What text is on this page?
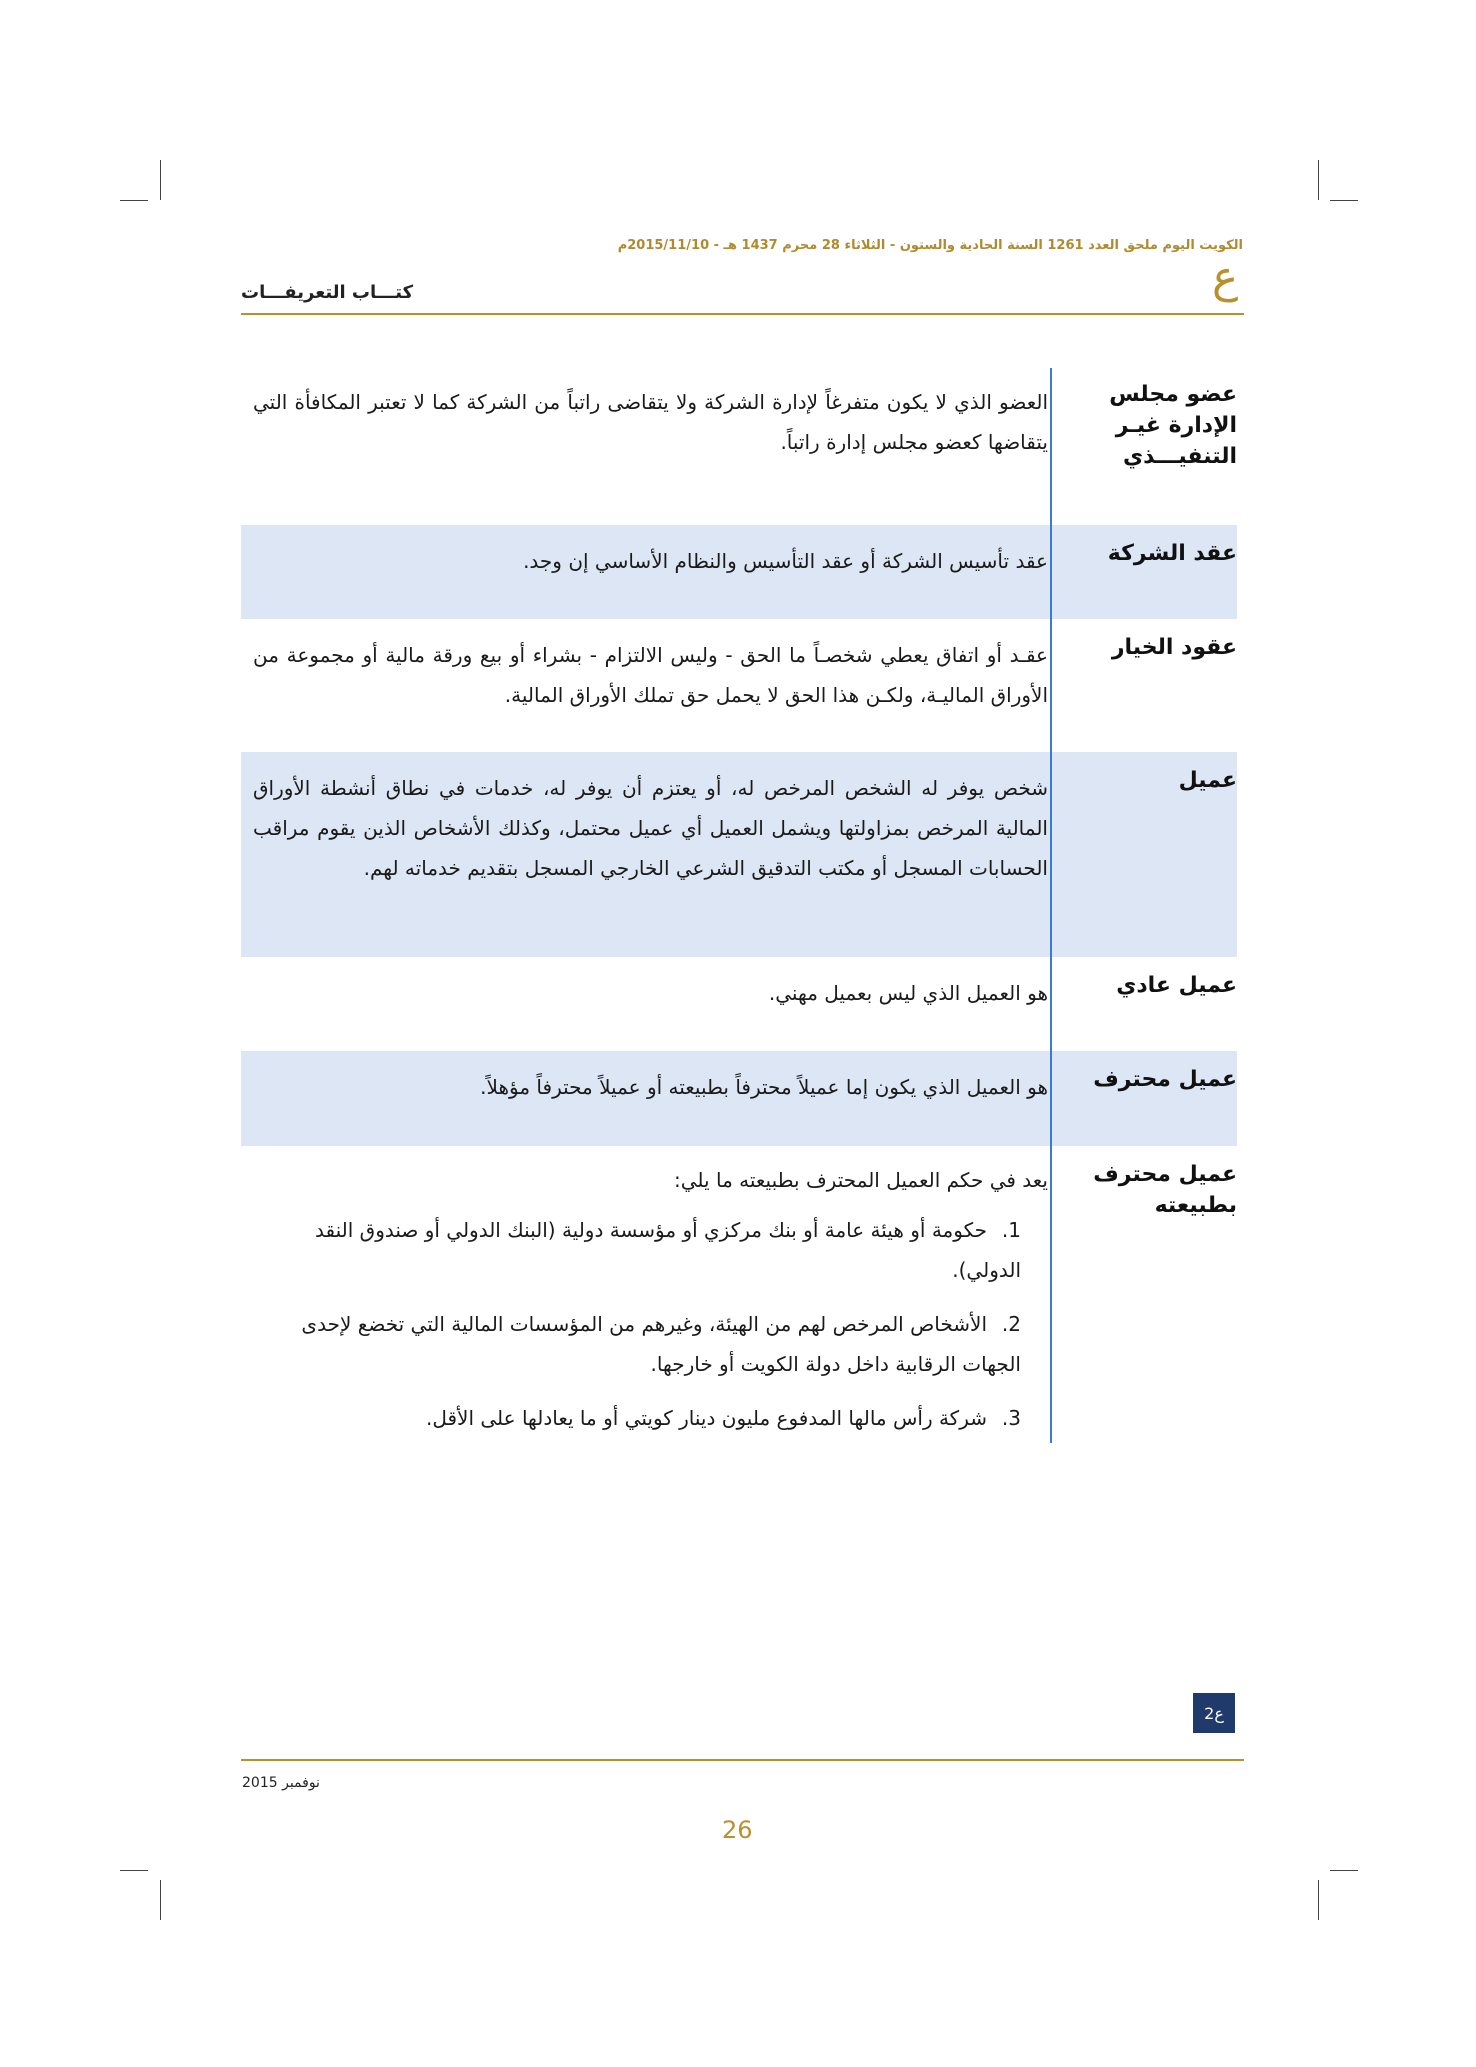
الكويت اليوم ملحق العدد 1261 السنة الحادية والستون - الثلاثاء 28 محرم 1437 هـ - 2015/11/10م
ع
كتـــاب التعريفـــات
عضو مجلس الإدارة غيـر التنفيـــذي
العضو الذي لا يكون متفرغاً لإدارة الشركة ولا يتقاضى راتباً من الشركة كما لا تعتبر المكافأة التي يتقاضها كعضو مجلس إدارة راتباً.
عقد الشركة
عقد تأسيس الشركة أو عقد التأسيس والنظام الأساسي إن وجد.
عقود الخيار
عقـد أو اتفاق يعطي شخصـاً ما الحق - وليس الالتزام - بشراء أو بيع ورقة مالية أو مجموعة من الأوراق الماليـة، ولكـن هذا الحق لا يحمل حق تملك الأوراق المالية.
عميل
شخص يوفر له الشخص المرخص له، أو يعتزم أن يوفر له، خدمات في نطاق أنشطة الأوراق المالية المرخص بمزاولتها ويشمل العميل أي عميل محتمل، وكذلك الأشخاص الذين يقوم مراقب الحسابات المسجل أو مكتب التدقيق الشرعي الخارجي المسجل بتقديم خدماته لهم.
عميل عادي
هو العميل الذي ليس بعميل مهني.
عميل محترف
هو العميل الذي يكون إما عميلاً محترفاً بطبيعته أو عميلاً محترفاً مؤهلاً.
عميل محترف بطبيعته
يعد في حكم العميل المحترف بطبيعته ما يلي:
1.حكومة أو هيئة عامة أو بنك مركزي أو مؤسسة دولية (البنك الدولي أو صندوق النقد الدولي).
2.الأشخاص المرخص لهم من الهيئة، وغيرهم من المؤسسات المالية التي تخضع لإحدى الجهات الرقابية داخل دولة الكويت أو خارجها.
3.شركة رأس مالها المدفوع مليون دينار كويتي أو ما يعادلها على الأقل.
ع2
نوفمبر 2015
26
